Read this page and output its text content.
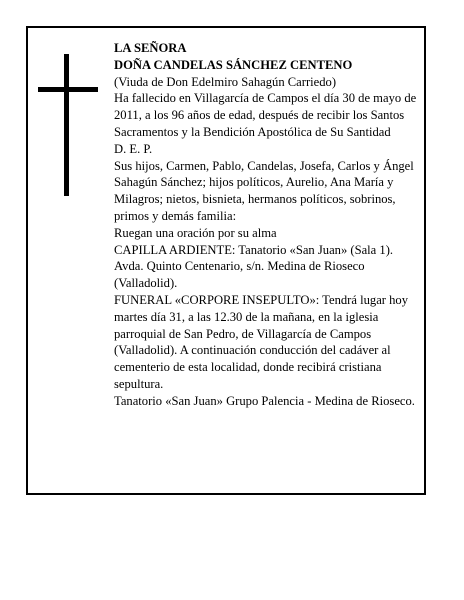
LA SEÑORA

DOÑA CANDELAS SÁNCHEZ CENTENO

(Viuda de Don Edelmiro Sahagún Carriedo)

Ha fallecido en Villagarcía de Campos el día 30 de mayo de 2011, a los 96 años de edad, después de recibir los Santos Sacramentos y la Bendición Apostólica de Su Santidad

D. E. P.

Sus hijos, Carmen, Pablo, Candelas, Josefa, Carlos y Ángel Sahagún Sánchez; hijos políticos, Aurelio, Ana María y Milagros; nietos, bisnieta, hermanos políticos, sobrinos, primos y demás familia:

Ruegan una oración por su alma

CAPILLA ARDIENTE: Tanatorio «San Juan» (Sala 1). Avda. Quinto Centenario, s/n. Medina de Rioseco (Valladolid).

FUNERAL «CORPORE INSEPULTO»: Tendrá lugar hoy martes día 31, a las 12.30 de la mañana, en la iglesia parroquial de San Pedro, de Villagarcía de Campos (Valladolid). A continuación conducción del cadáver al cementerio de esta localidad, donde recibirá cristiana sepultura.

Tanatorio «San Juan» Grupo Palencia - Medina de Rioseco.
